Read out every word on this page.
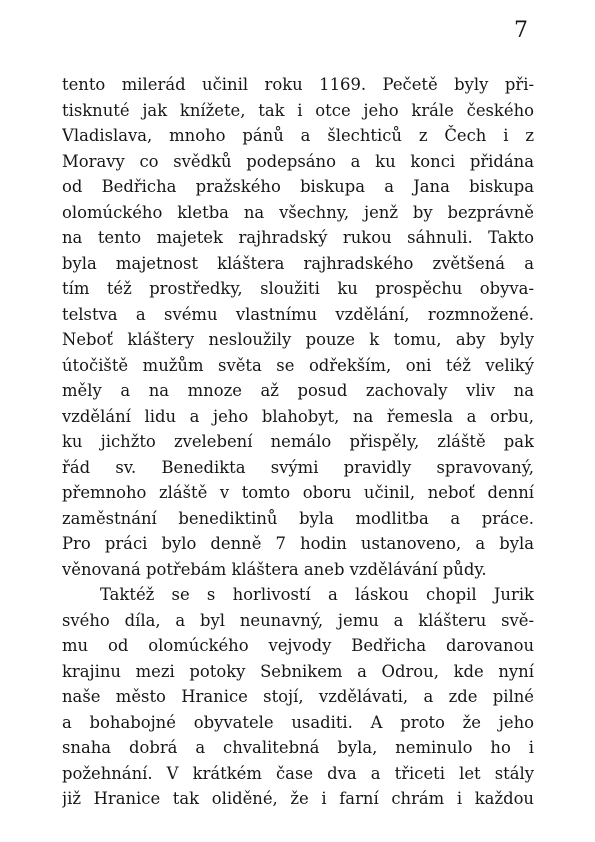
7
tento milerád učinil roku 1169. Pečetě byly při-
tisknuté jak knížete, tak i otce jeho krále českého
Vladislava, mnoho pánů a šlechticů z Čech i z
Moravy co svědků podepsáno a ku konci přidána
od Bedřicha pražského biskupa a Jana biskupa
olomúckého kletba na všechny, jenž by bezprávně
na tento majetek rajhradský rukou sáhnuli. Takto
byla majetnost kláštera rajhradského zvětšená a
tím též prostředky, sloužiti ku prospěchu obyva-
telstva a svému vlastnímu vzdělání, rozmnožené.
Neboť kláštery nesloužily pouze k tomu, aby byly
útočiště mužům světa se odřekším, oni též veliký
měly a na mnoze až posud zachovaly vliv na
vzdělání lidu a jeho blahobyt, na řemesla a orbu,
ku jichžto zvelebení nemálo přispěly, zláště pak
řád sv. Benedikta svými pravidly spravovaný,
přemnoho zláště v tomto oboru učinil, neboť denní
zaměstnání benediktinů byla modlitba a práce.
Pro práci bylo denně 7 hodin ustanoveno, a byla
věnovaná potřebám kláštera aneb vzdělávání půdy.
Taktéž se s horlivostí a láskou chopil Jurik
svého díla, a byl neunavný, jemu a klášteru svě-
mu od olomúckého vejvody Bedřicha darovanou
krajinu mezi potoky Sebnikem a Odrou, kde nyní
naše město Hranice stojí, vzdělávati, a zde pilné
a bohabojné obyvatele usaditi. A proto že jeho
snaha dobrá a chvalitebná byla, neminulo ho i
požehnání. V krátkém čase dva a třiceti let stály
již Hranice tak oliděné, že i farní chrám i každou
